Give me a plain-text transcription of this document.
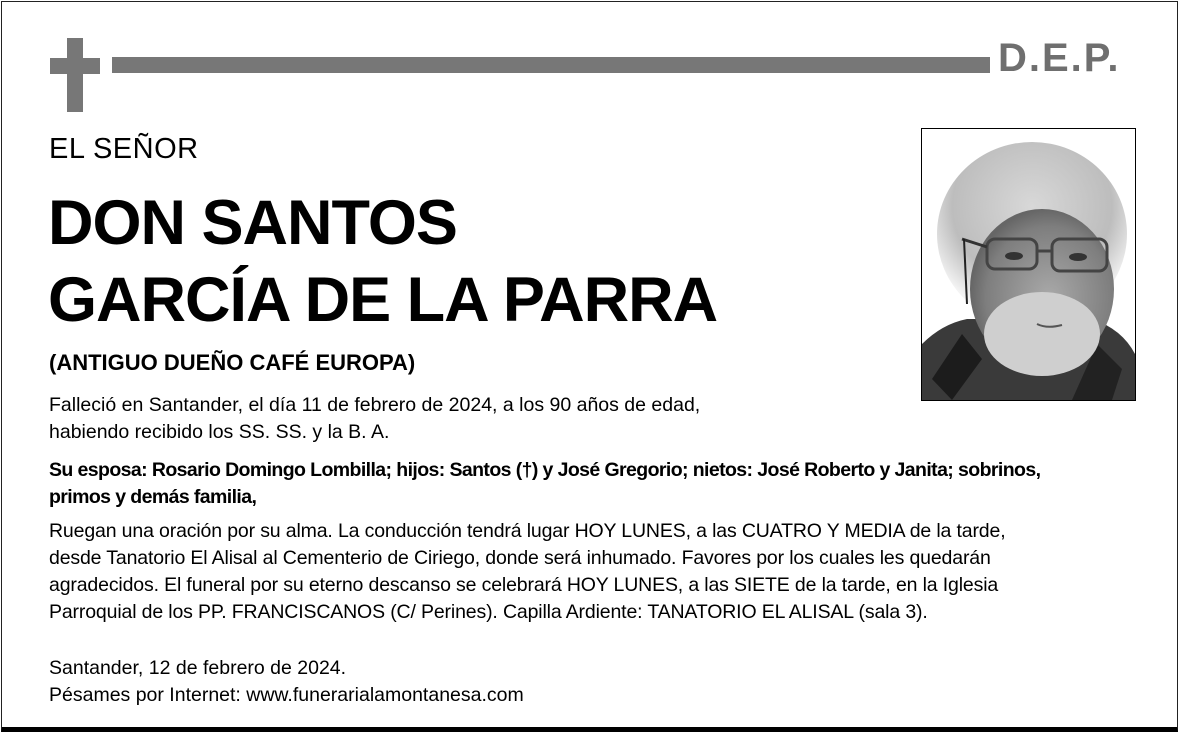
D.E.P.
EL SEÑOR
DON SANTOS
GARCÍA DE LA PARRA
(ANTIGUO DUEÑO CAFÉ EUROPA)

Falleció en Santander, el día 11 de febrero de 2024, a los 90 años de edad,
habiendo recibido los SS. SS. y la B. A.

Su esposa: Rosario Domingo Lombilla; hijos: Santos (†) y José Gregorio; nietos: José Roberto y Janita; sobrinos,
primos y demás familia,

Ruegan una oración por su alma. La conducción tendrá lugar HOY LUNES, a las CUATRO Y MEDIA de la tarde,
desde Tanatorio El Alisal al Cementerio de Ciriego, donde será inhumado. Favores por los cuales les quedarán
agradecidos. El funeral por su eterno descanso se celebrará HOY LUNES, a las SIETE de la tarde, en la Iglesia
Parroquial de los PP. FRANCISCANOS (C/ Perines). Capilla Ardiente: TANATORIO EL ALISAL (sala 3).

Santander, 12 de febrero de 2024.
Pésames por Internet: www.funerarialamontanesa.com
